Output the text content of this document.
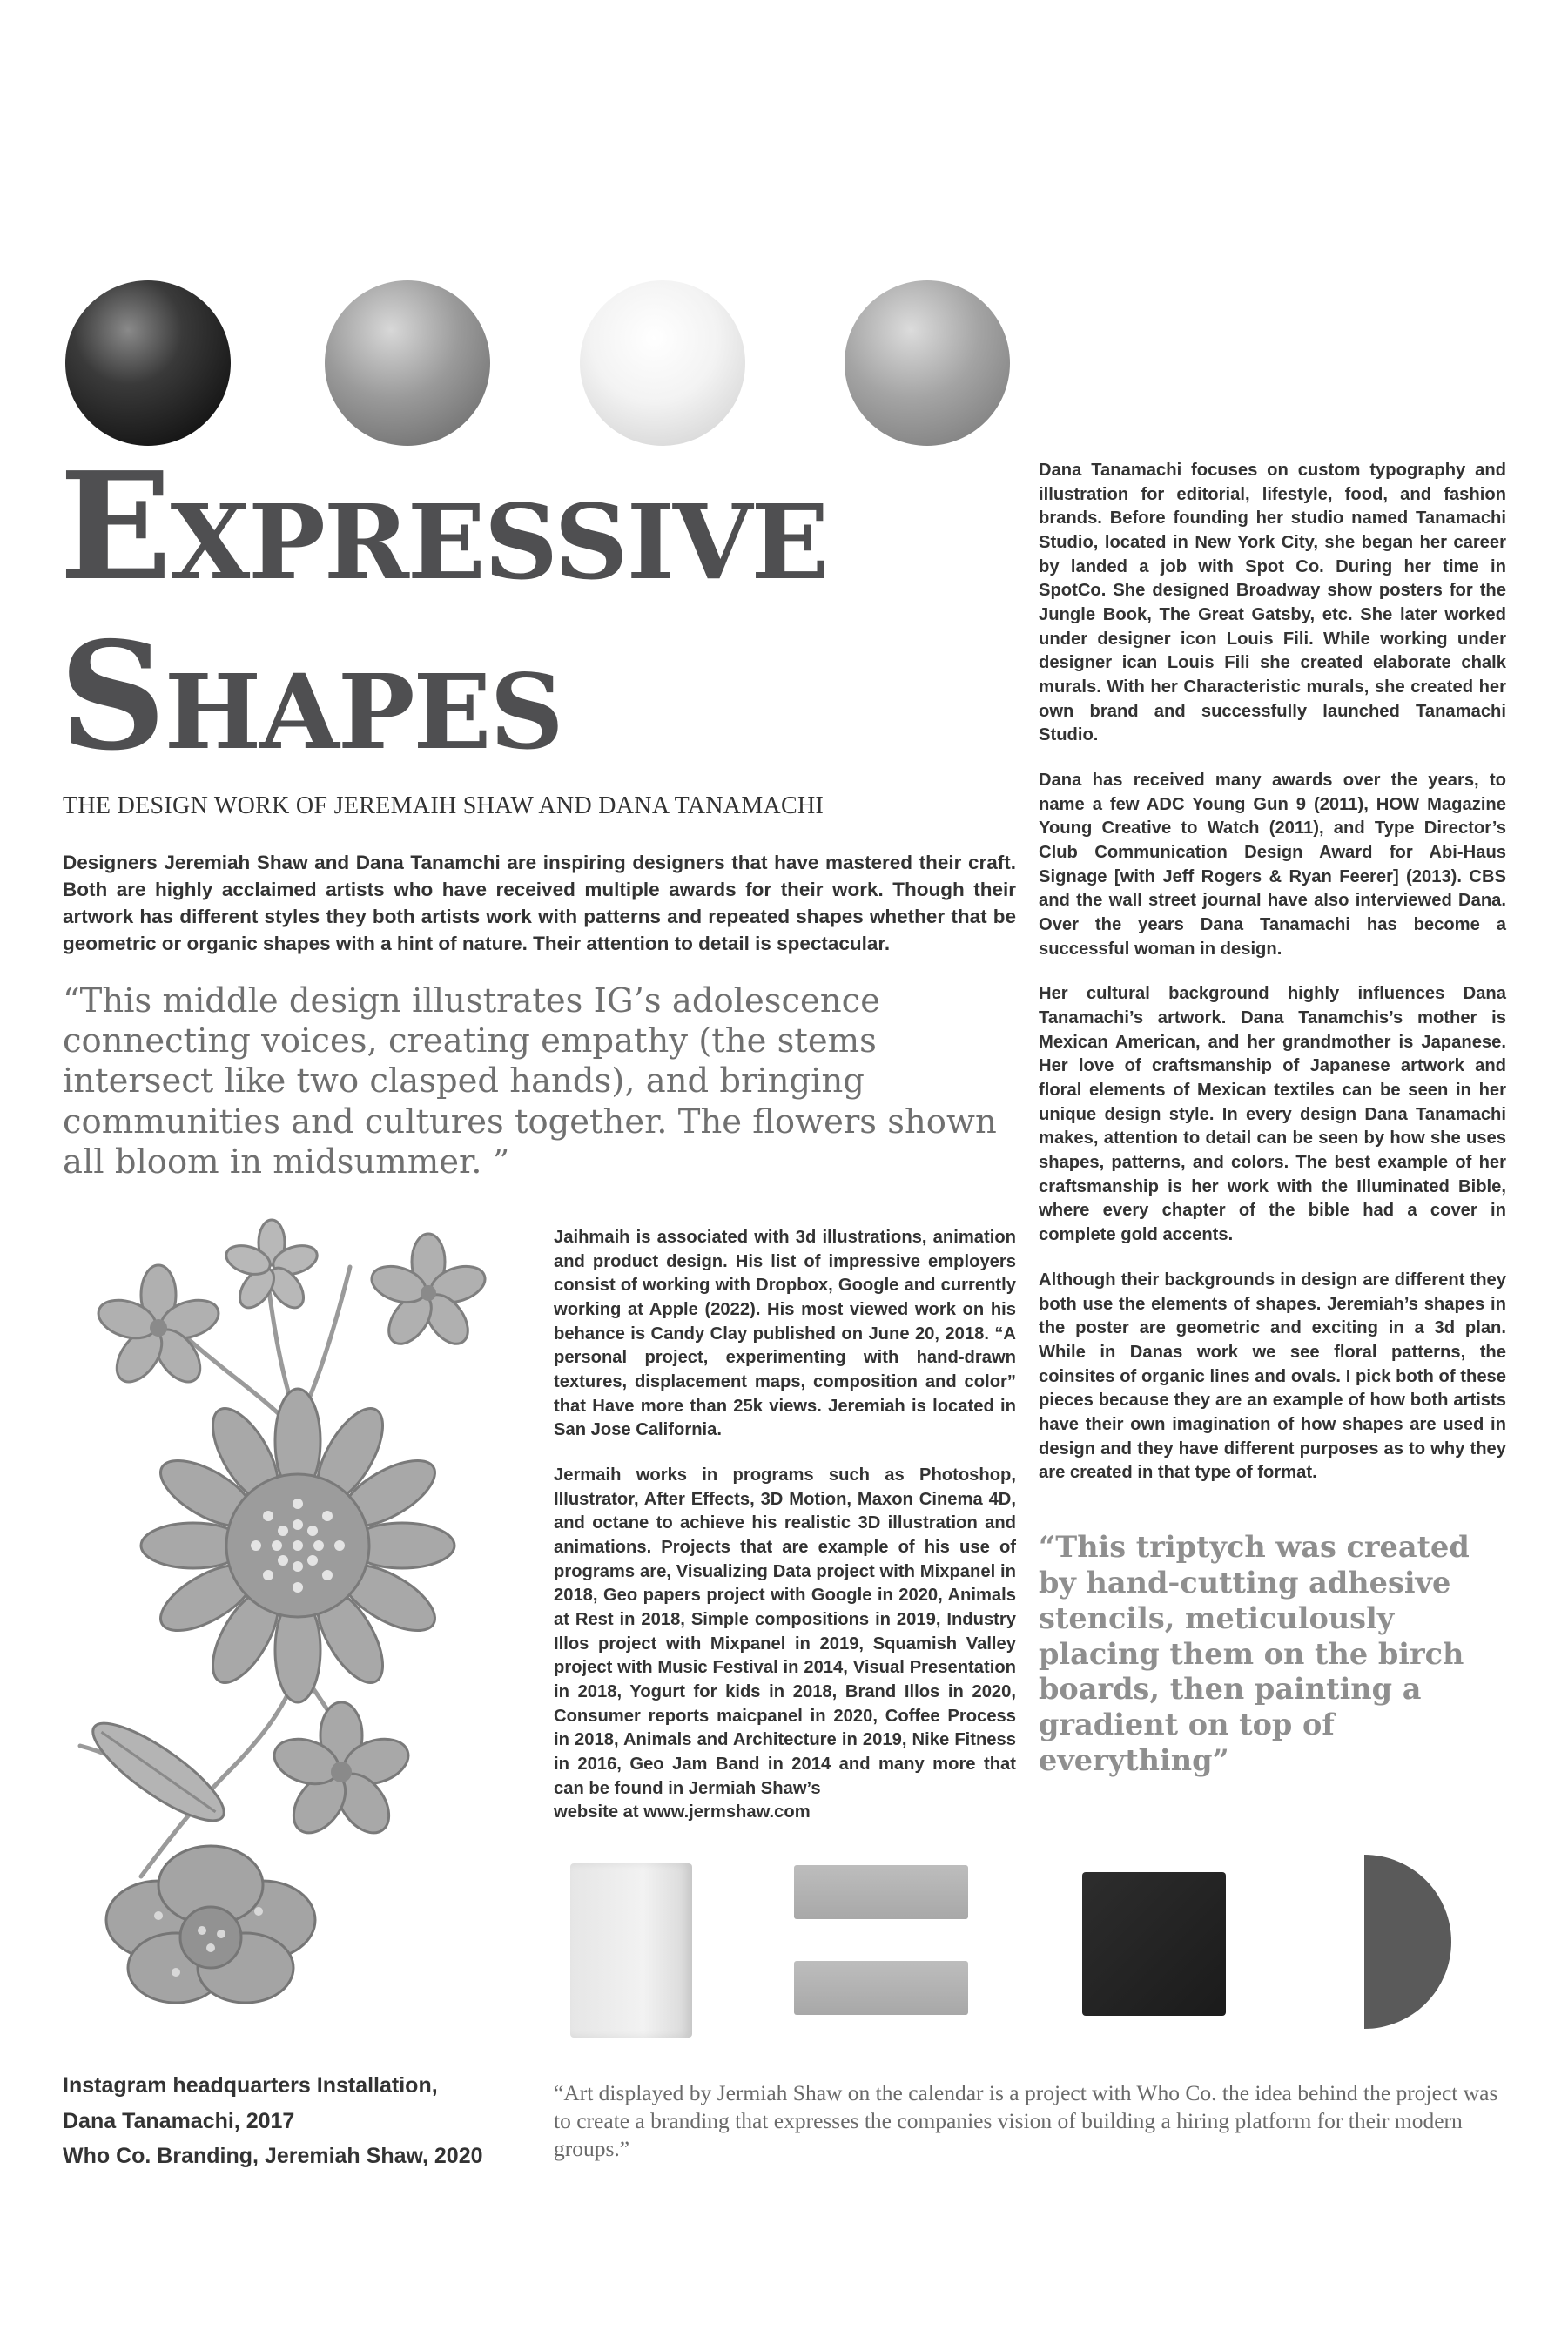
EXPRESSIVE
SHAPES
THE DESIGN WORK OF JEREMAIH SHAW AND DANA TANAMACHI
Designers Jeremiah Shaw and Dana Tanamchi are inspiring designers that have mastered their craft. Both are highly acclaimed artists who have received multiple awards for their work. Though their artwork has different styles they both artists work with patterns and repeated shapes whether that be geometric or organic shapes with a hint of nature. Their attention to detail is spectacular.
“This middle design illustrates IG’s adolescence connecting voices, creating empathy (the stems intersect like two clasped hands), and bringing communities and cultures together. The flowers shown all bloom in midsummer. ”

Dana Tanamachi focuses on custom typography and illustration for editorial, lifestyle, food, and fashion brands. Before founding her studio named Tanamachi Studio, located in New York City, she began her career by landed a job with Spot Co. During her time in SpotCo. She designed Broadway show posters for the Jungle Book, The Great Gatsby, etc. She later worked under designer icon Louis Fili. While working under designer ican Louis Fili she created elaborate chalk murals. With her Characteristic murals, she created her own brand and successfully launched Tanamachi Studio.

Dana has received many awards over the years, to name a few ADC Young Gun 9 (2011), HOW Magazine Young Creative to Watch (2011), and Type Director’s Club Communication Design Award for Abi-Haus Signage [with Jeff Rogers & Ryan Feerer] (2013). CBS and the wall street journal have also interviewed Dana. Over the years Dana Tanamachi has become a successful woman in design.

Her cultural background highly influences Dana Tanamachi’s artwork. Dana Tanamchis’s mother is Mexican American, and her grandmother is Japanese. Her love of craftsmanship of Japanese artwork and floral elements of Mexican textiles can be seen in her unique design style. In every design Dana Tanamachi makes, attention to detail can be seen by how she uses shapes, patterns, and colors. The best example of her craftsmanship is her work with the Illuminated Bible, where every chapter of the bible had a cover in complete gold accents.

Although their backgrounds in design are different they both use the elements of shapes. Jeremiah’s shapes in the poster are geometric and exciting in a 3d plan. While in Danas work we see floral patterns, the coinsites of organic lines and ovals. I pick both of these pieces because they are an example of how both artists have their own imagination of how shapes are used in design and they have different purposes as to why they are created in that type of format.

“This triptych was created by hand-cutting adhesive stencils, meticulously placing them on the birch boards, then painting a gradient on top of everything”

Jaihmaih is associated with 3d illustrations, animation and product design. His list of impressive employers consist of working with Dropbox, Google and currently working at Apple (2022). His most viewed work on his behance is Candy Clay published on June 20, 2018. “A personal project, experimenting with hand-drawn textures, displacement maps, composition and color” that Have more than 25k views. Jeremiah is located in San Jose California.

Jermaih works in programs such as Photoshop, Illustrator, After Effects, 3D Motion, Maxon Cinema 4D, and octane to achieve his realistic 3D illustration and animations. Projects that are example of his use of programs are, Visualizing Data project with Mixpanel in 2018, Geo papers project with Google in 2020, Animals at Rest in 2018, Simple compositions in 2019, Industry Illos project with Mixpanel in 2019, Squamish Valley project with Music Festival in 2014, Visual Presentation in 2018, Yogurt for kids in 2018, Brand Illos in 2020, Consumer reports maicpanel in 2020, Coffee Process in 2018, Animals and Architecture in 2019, Nike Fitness in 2016, Geo Jam Band in 2014 and many more that can be found in Jermiah Shaw’s

website at www.jermshaw.com
Instagram headquarters Installation,
Dana Tanamachi, 2017
Who Co. Branding, Jeremiah Shaw, 2020
“Art displayed by Jermiah Shaw on the calendar is a project with Who Co. the idea behind the project was to create a branding that expresses the companies vision of building a hiring platform for their modern groups.”
